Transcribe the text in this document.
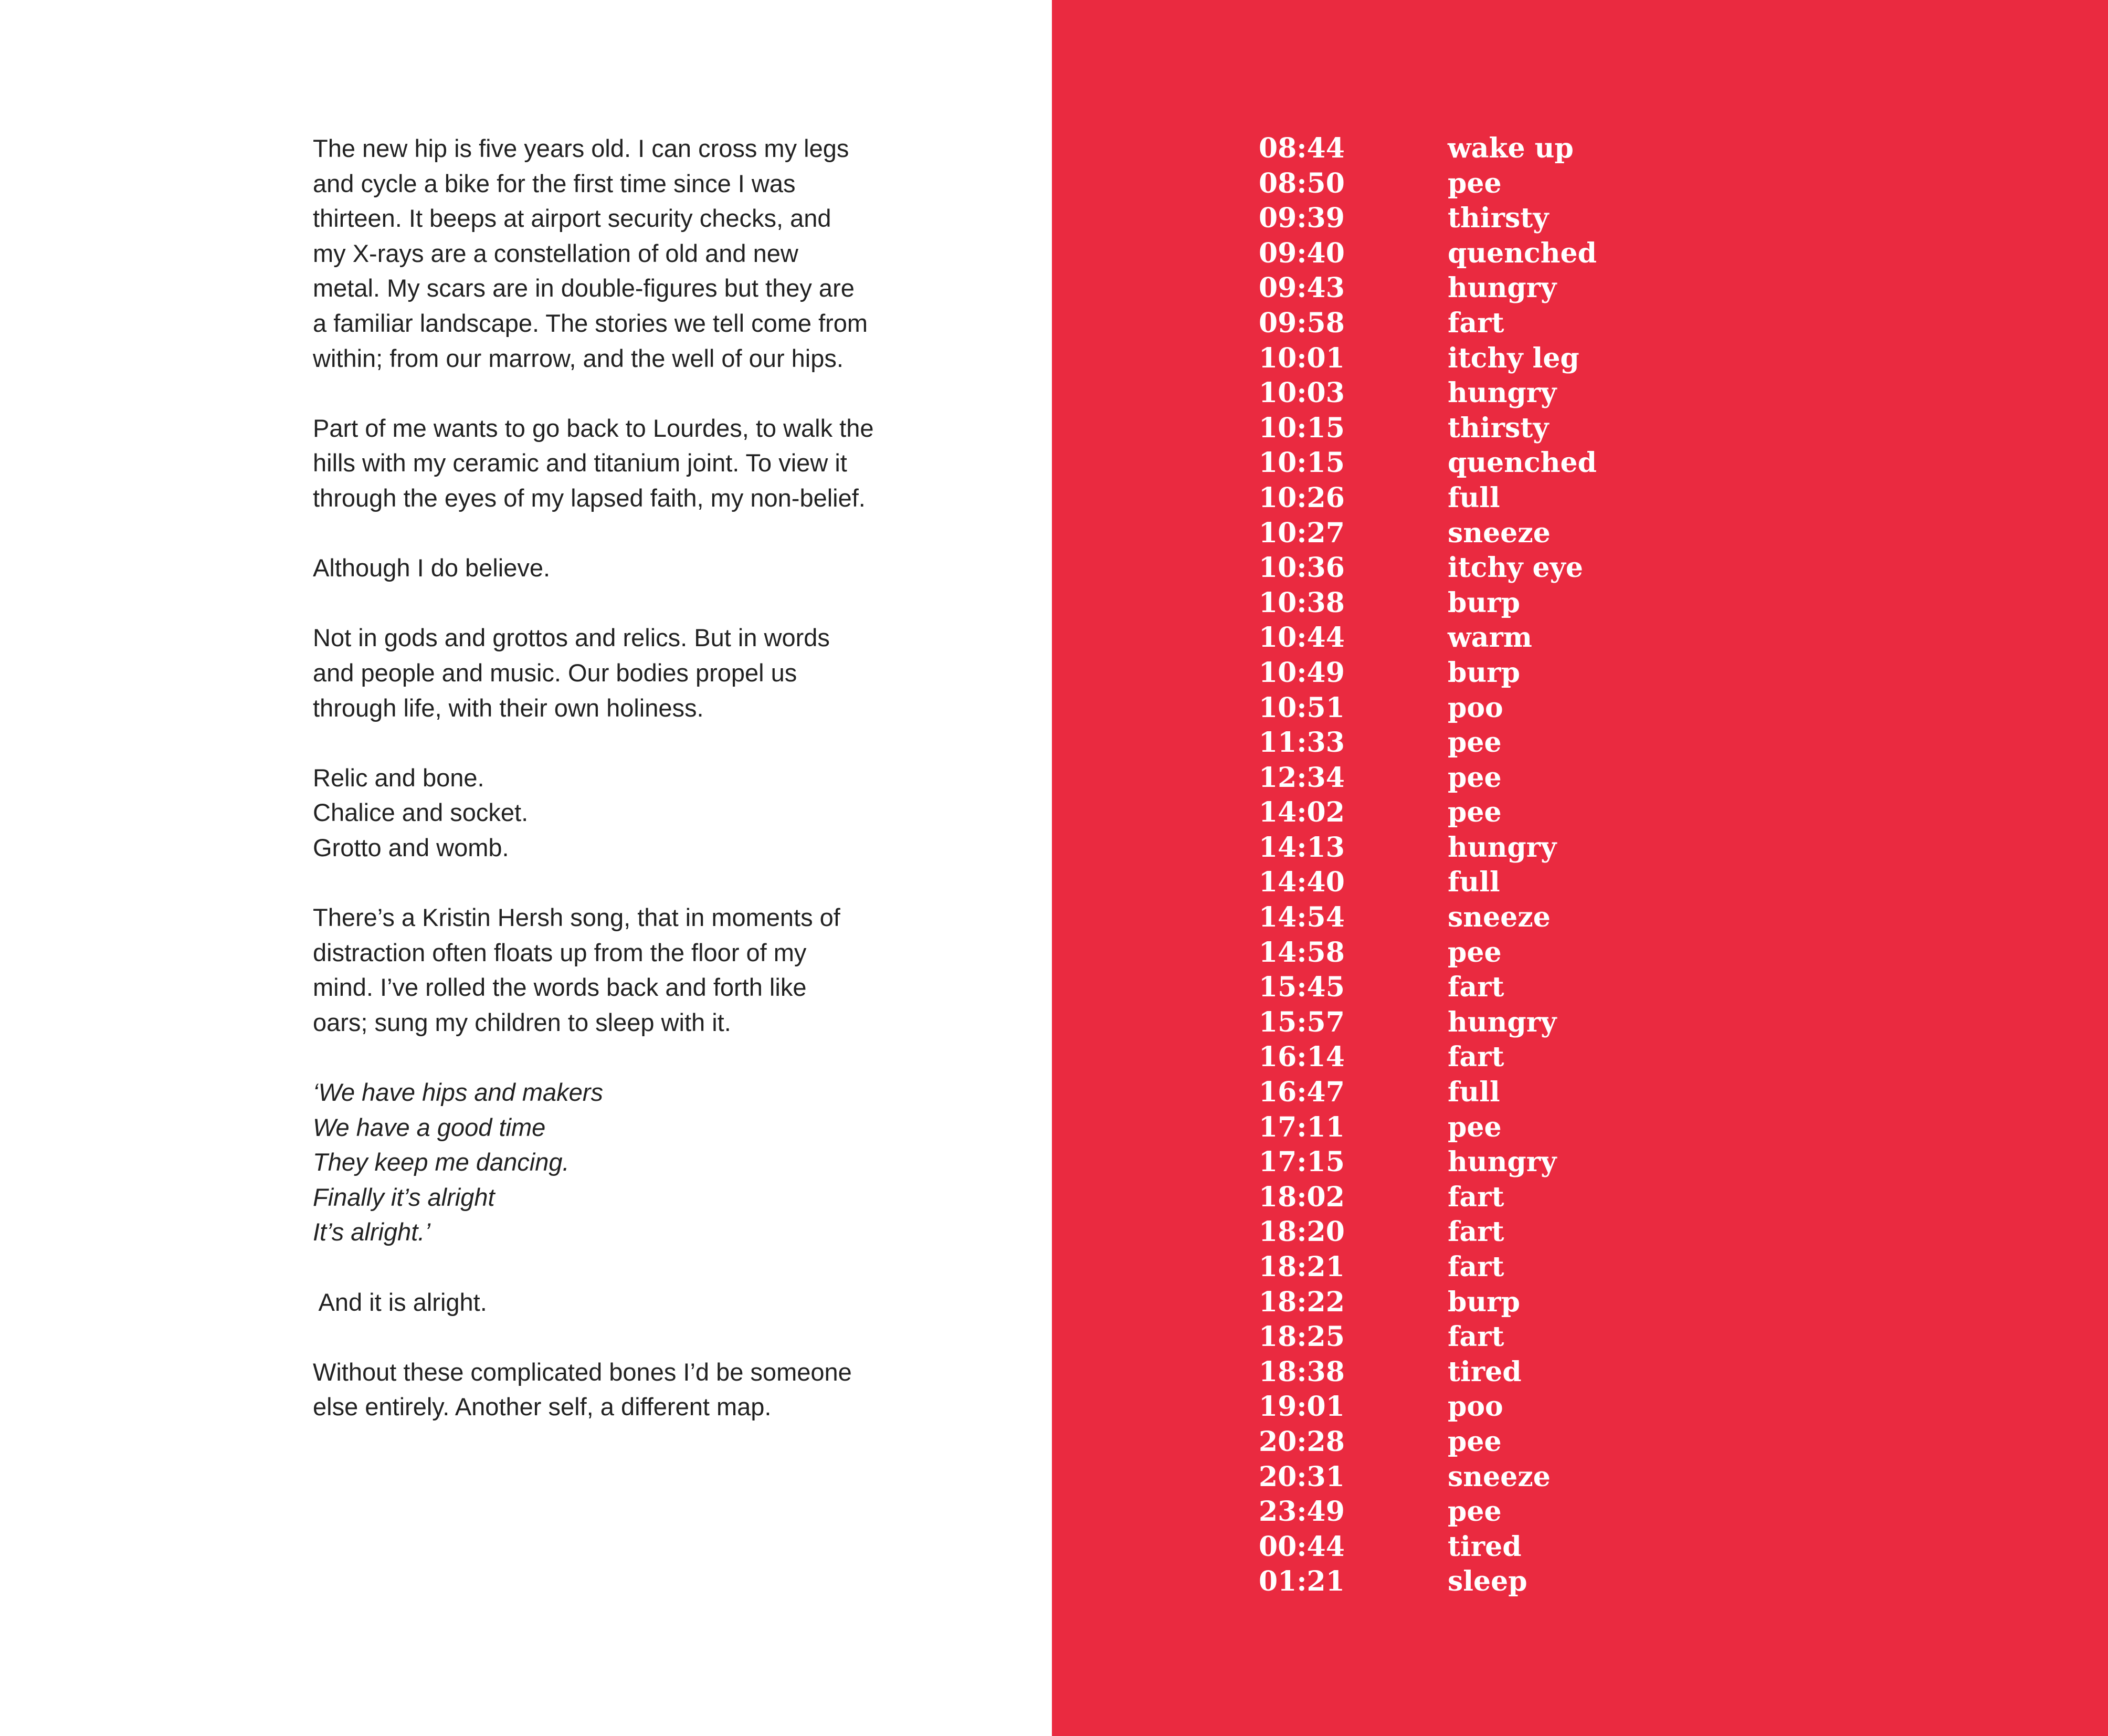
The new hip is five years old. I can cross my legs
and cycle a bike for the first time since I was
thirteen. It beeps at airport security checks, and
my X-rays are a constellation of old and new
metal. My scars are in double-figures but they are
a familiar landscape. The stories we tell come from
within; from our marrow, and the well of our hips.
Part of me wants to go back to Lourdes, to walk the
hills with my ceramic and titanium joint. To view it
through the eyes of my lapsed faith, my non-belief.
Although I do believe.
Not in gods and grottos and relics. But in words
and people and music. Our bodies propel us
through life, with their own holiness.
Relic and bone.
Chalice and socket.
Grotto and womb.
There’s a Kristin Hersh song, that in moments of
distraction often floats up from the floor of my
mind. I’ve rolled the words back and forth like
oars; sung my children to sleep with it.
‘We have hips and makers
We have a good time
They keep me dancing.
Finally it’s alright
It’s alright.’
And it is alright.
Without these complicated bones I’d be someone
else entirely. Another self, a different map.
08:44	wake up
08:50	pee
09:39	thirsty
09:40	quenched
09:43	hungry
09:58	fart
10:01	itchy leg
10:03	hungry
10:15	thirsty
10:15	quenched
10:26	full
10:27	sneeze
10:36	itchy eye
10:38	burp
10:44	warm
10:49	burp
10:51	poo
11:33	pee
12:34	pee
14:02	pee
14:13	hungry
14:40	full
14:54	sneeze
14:58	pee
15:45	fart
15:57	hungry
16:14	fart
16:47	full
17:11	pee
17:15	hungry
18:02	fart
18:20	fart
18:21	fart
18:22	burp
18:25	fart
18:38	tired
19:01	poo
20:28	pee
20:31	sneeze
23:49	pee
00:44	tired
01:21	sleep
